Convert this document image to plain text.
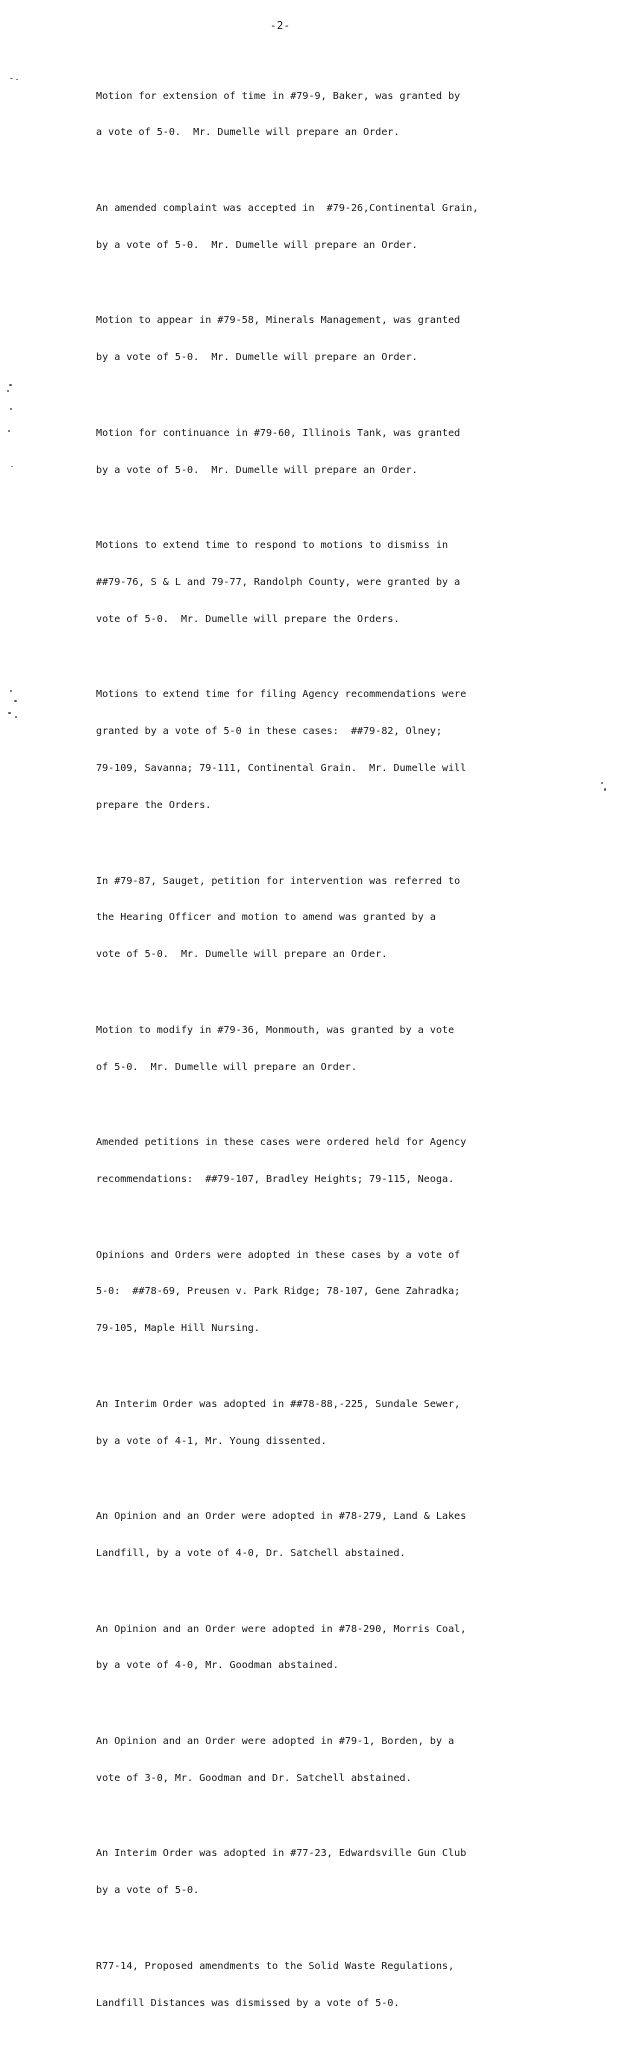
-2-

Motion for extension of time in #79-9, Baker, was granted by

a vote of 5-0.  Mr. Dumelle will prepare an Order.

An amended complaint was accepted in  #79-26,Continental Grain,

by a vote of 5-0.  Mr. Dumelle will prepare an Order.

Motion to appear in #79-58, Minerals Management, was granted

by a vote of 5-0.  Mr. Dumelle will prepare an Order.

Motion for continuance in #79-60, Illinois Tank, was granted

by a vote of 5-0.  Mr. Dumelle will prepare an Order.

Motions to extend time to respond to motions to dismiss in

##79-76, S & L and 79-77, Randolph County, were granted by a

vote of 5-0.  Mr. Dumelle will prepare the Orders.

Motions to extend time for filing Agency recommendations were

granted by a vote of 5-0 in these cases:  ##79-82, Olney;

79-109, Savanna; 79-111, Continental Grain.  Mr. Dumelle will

prepare the Orders.

In #79-87, Sauget, petition for intervention was referred to

the Hearing Officer and motion to amend was granted by a

vote of 5-0.  Mr. Dumelle will prepare an Order.

Motion to modify in #79-36, Monmouth, was granted by a vote

of 5-0.  Mr. Dumelle will prepare an Order.

Amended petitions in these cases were ordered held for Agency

recommendations:  ##79-107, Bradley Heights; 79-115, Neoga.

Opinions and Orders were adopted in these cases by a vote of

5-0:  ##78-69, Preusen v. Park Ridge; 78-107, Gene Zahradka;

79-105, Maple Hill Nursing.

An Interim Order was adopted in ##78-88,-225, Sundale Sewer,

by a vote of 4-1, Mr. Young dissented.

An Opinion and an Order were adopted in #78-279, Land & Lakes

Landfill, by a vote of 4-0, Dr. Satchell abstained.

An Opinion and an Order were adopted in #78-290, Morris Coal,

by a vote of 4-0, Mr. Goodman abstained.

An Opinion and an Order were adopted in #79-1, Borden, by a

vote of 3-0, Mr. Goodman and Dr. Satchell abstained.

An Interim Order was adopted in #77-23, Edwardsville Gun Club

by a vote of 5-0.

R77-14, Proposed amendments to the Solid Waste Regulations,

Landfill Distances was dismissed by a vote of 5-0.
